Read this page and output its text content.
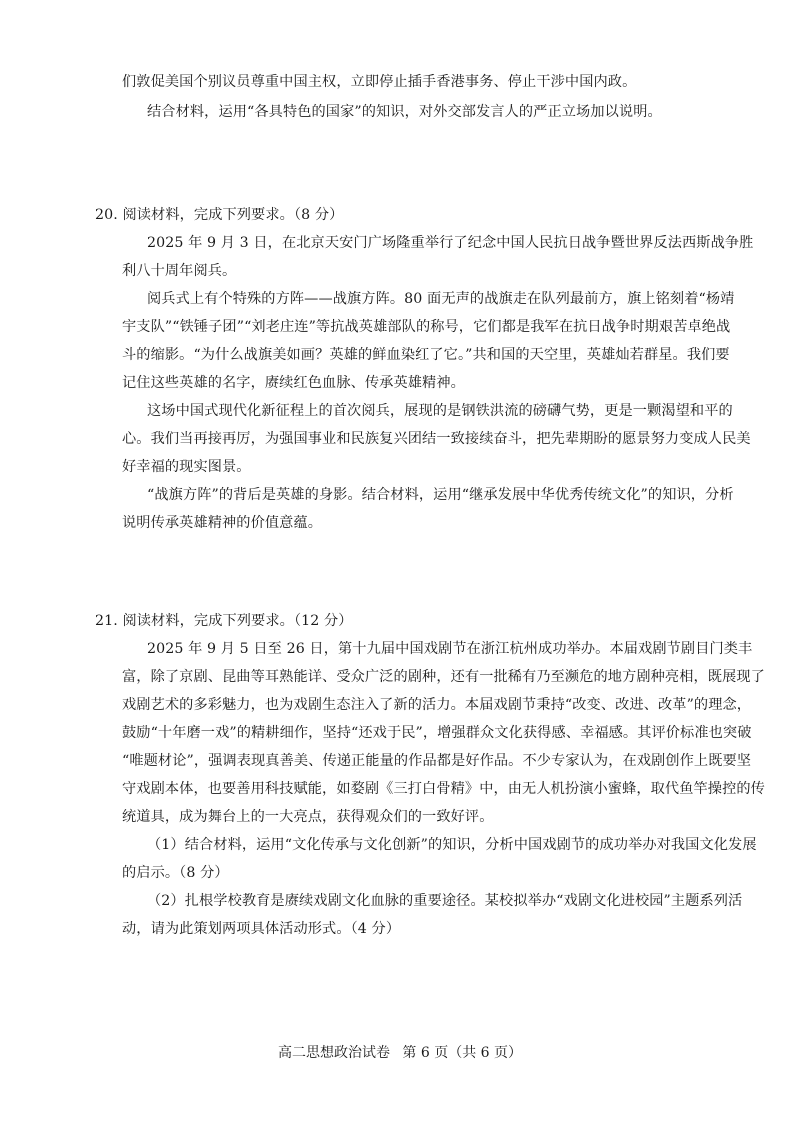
们敦促美国个别议员尊重中国主权，立即停止插手香港事务、停止干涉中国内政。
结合材料，运用“各具特色的国家”的知识，对外交部发言人的严正立场加以说明。
20. 阅读材料，完成下列要求。（8 分）
2025 年 9 月 3 日，在北京天安门广场隆重举行了纪念中国人民抗日战争暨世界反法西斯战争胜
利八十周年阅兵。
阅兵式上有个特殊的方阵——战旗方阵。80 面无声的战旗走在队列最前方，旗上铭刻着“杨靖
宇支队”“铁锤子团”“刘老庄连”等抗战英雄部队的称号，它们都是我军在抗日战争时期艰苦卓绝战
斗的缩影。“为什么战旗美如画？英雄的鲜血染红了它。”共和国的天空里，英雄灿若群星。我们要
记住这些英雄的名字，赓续红色血脉、传承英雄精神。
这场中国式现代化新征程上的首次阅兵，展现的是钢铁洪流的磅礴气势，更是一颗渴望和平的
心。我们当再接再厉，为强国事业和民族复兴团结一致接续奋斗，把先辈期盼的愿景努力变成人民美
好幸福的现实图景。
“战旗方阵”的背后是英雄的身影。结合材料，运用“继承发展中华优秀传统文化”的知识，分析
说明传承英雄精神的价值意蕴。
21. 阅读材料，完成下列要求。（12 分）
2025 年 9 月 5 日至 26 日，第十九届中国戏剧节在浙江杭州成功举办。本届戏剧节剧目门类丰
富，除了京剧、昆曲等耳熟能详、受众广泛的剧种，还有一批稀有乃至濒危的地方剧种亮相，既展现了
戏剧艺术的多彩魅力，也为戏剧生态注入了新的活力。本届戏剧节秉持“改变、改进、改革”的理念，
鼓励“十年磨一戏”的精耕细作，坚持“还戏于民”，增强群众文化获得感、幸福感。其评价标准也突破
“唯题材论”，强调表现真善美、传递正能量的作品都是好作品。不少专家认为，在戏剧创作上既要坚
守戏剧本体，也要善用科技赋能，如婺剧《三打白骨精》中，由无人机扮演小蜜蜂，取代鱼竿操控的传
统道具，成为舞台上的一大亮点，获得观众们的一致好评。
（1）结合材料，运用“文化传承与文化创新”的知识，分析中国戏剧节的成功举办对我国文化发展
的启示。（8 分）
（2）扎根学校教育是赓续戏剧文化血脉的重要途径。某校拟举办“戏剧文化进校园”主题系列活
动，请为此策划两项具体活动形式。（4 分）
高二思想政治试卷 第 6 页（共 6 页）
